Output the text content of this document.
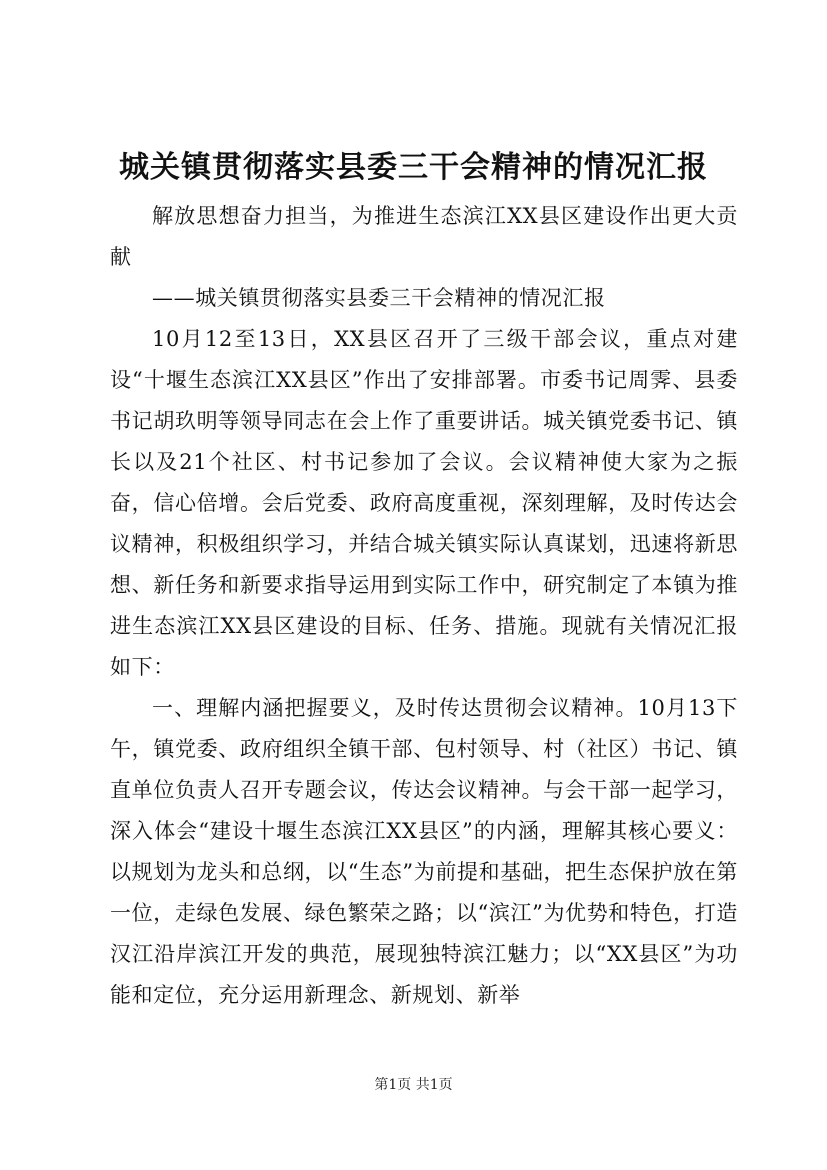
城关镇贯彻落实县委三干会精神的情况汇报

解放思想奋力担当，为推进生态滨江XX县区建设作出更大贡献

——城关镇贯彻落实县委三干会精神的情况汇报

10月12至13日，XX县区召开了三级干部会议，重点对建设“十堰生态滨江XX县区”作出了安排部署。市委书记周霁、县委书记胡玖明等领导同志在会上作了重要讲话。城关镇党委书记、镇长以及21个社区、村书记参加了会议。会议精神使大家为之振奋，信心倍增。会后党委、政府高度重视，深刻理解，及时传达会议精神，积极组织学习，并结合城关镇实际认真谋划，迅速将新思想、新任务和新要求指导运用到实际工作中，研究制定了本镇为推进生态滨江XX县区建设的目标、任务、措施。现就有关情况汇报如下：

一、理解内涵把握要义，及时传达贯彻会议精神。10月13下午，镇党委、政府组织全镇干部、包村领导、村（社区）书记、镇直单位负责人召开专题会议，传达会议精神。与会干部一起学习，深入体会“建设十堰生态滨江XX县区”的内涵，理解其核心要义：以规划为龙头和总纲，以“生态”为前提和基础，把生态保护放在第一位，走绿色发展、绿色繁荣之路；以“滨江”为优势和特色，打造汉江沿岸滨江开发的典范，展现独特滨江魅力；以“XX县区”为功能和定位，充分运用新理念、新规划、新举

第1页 共1页
